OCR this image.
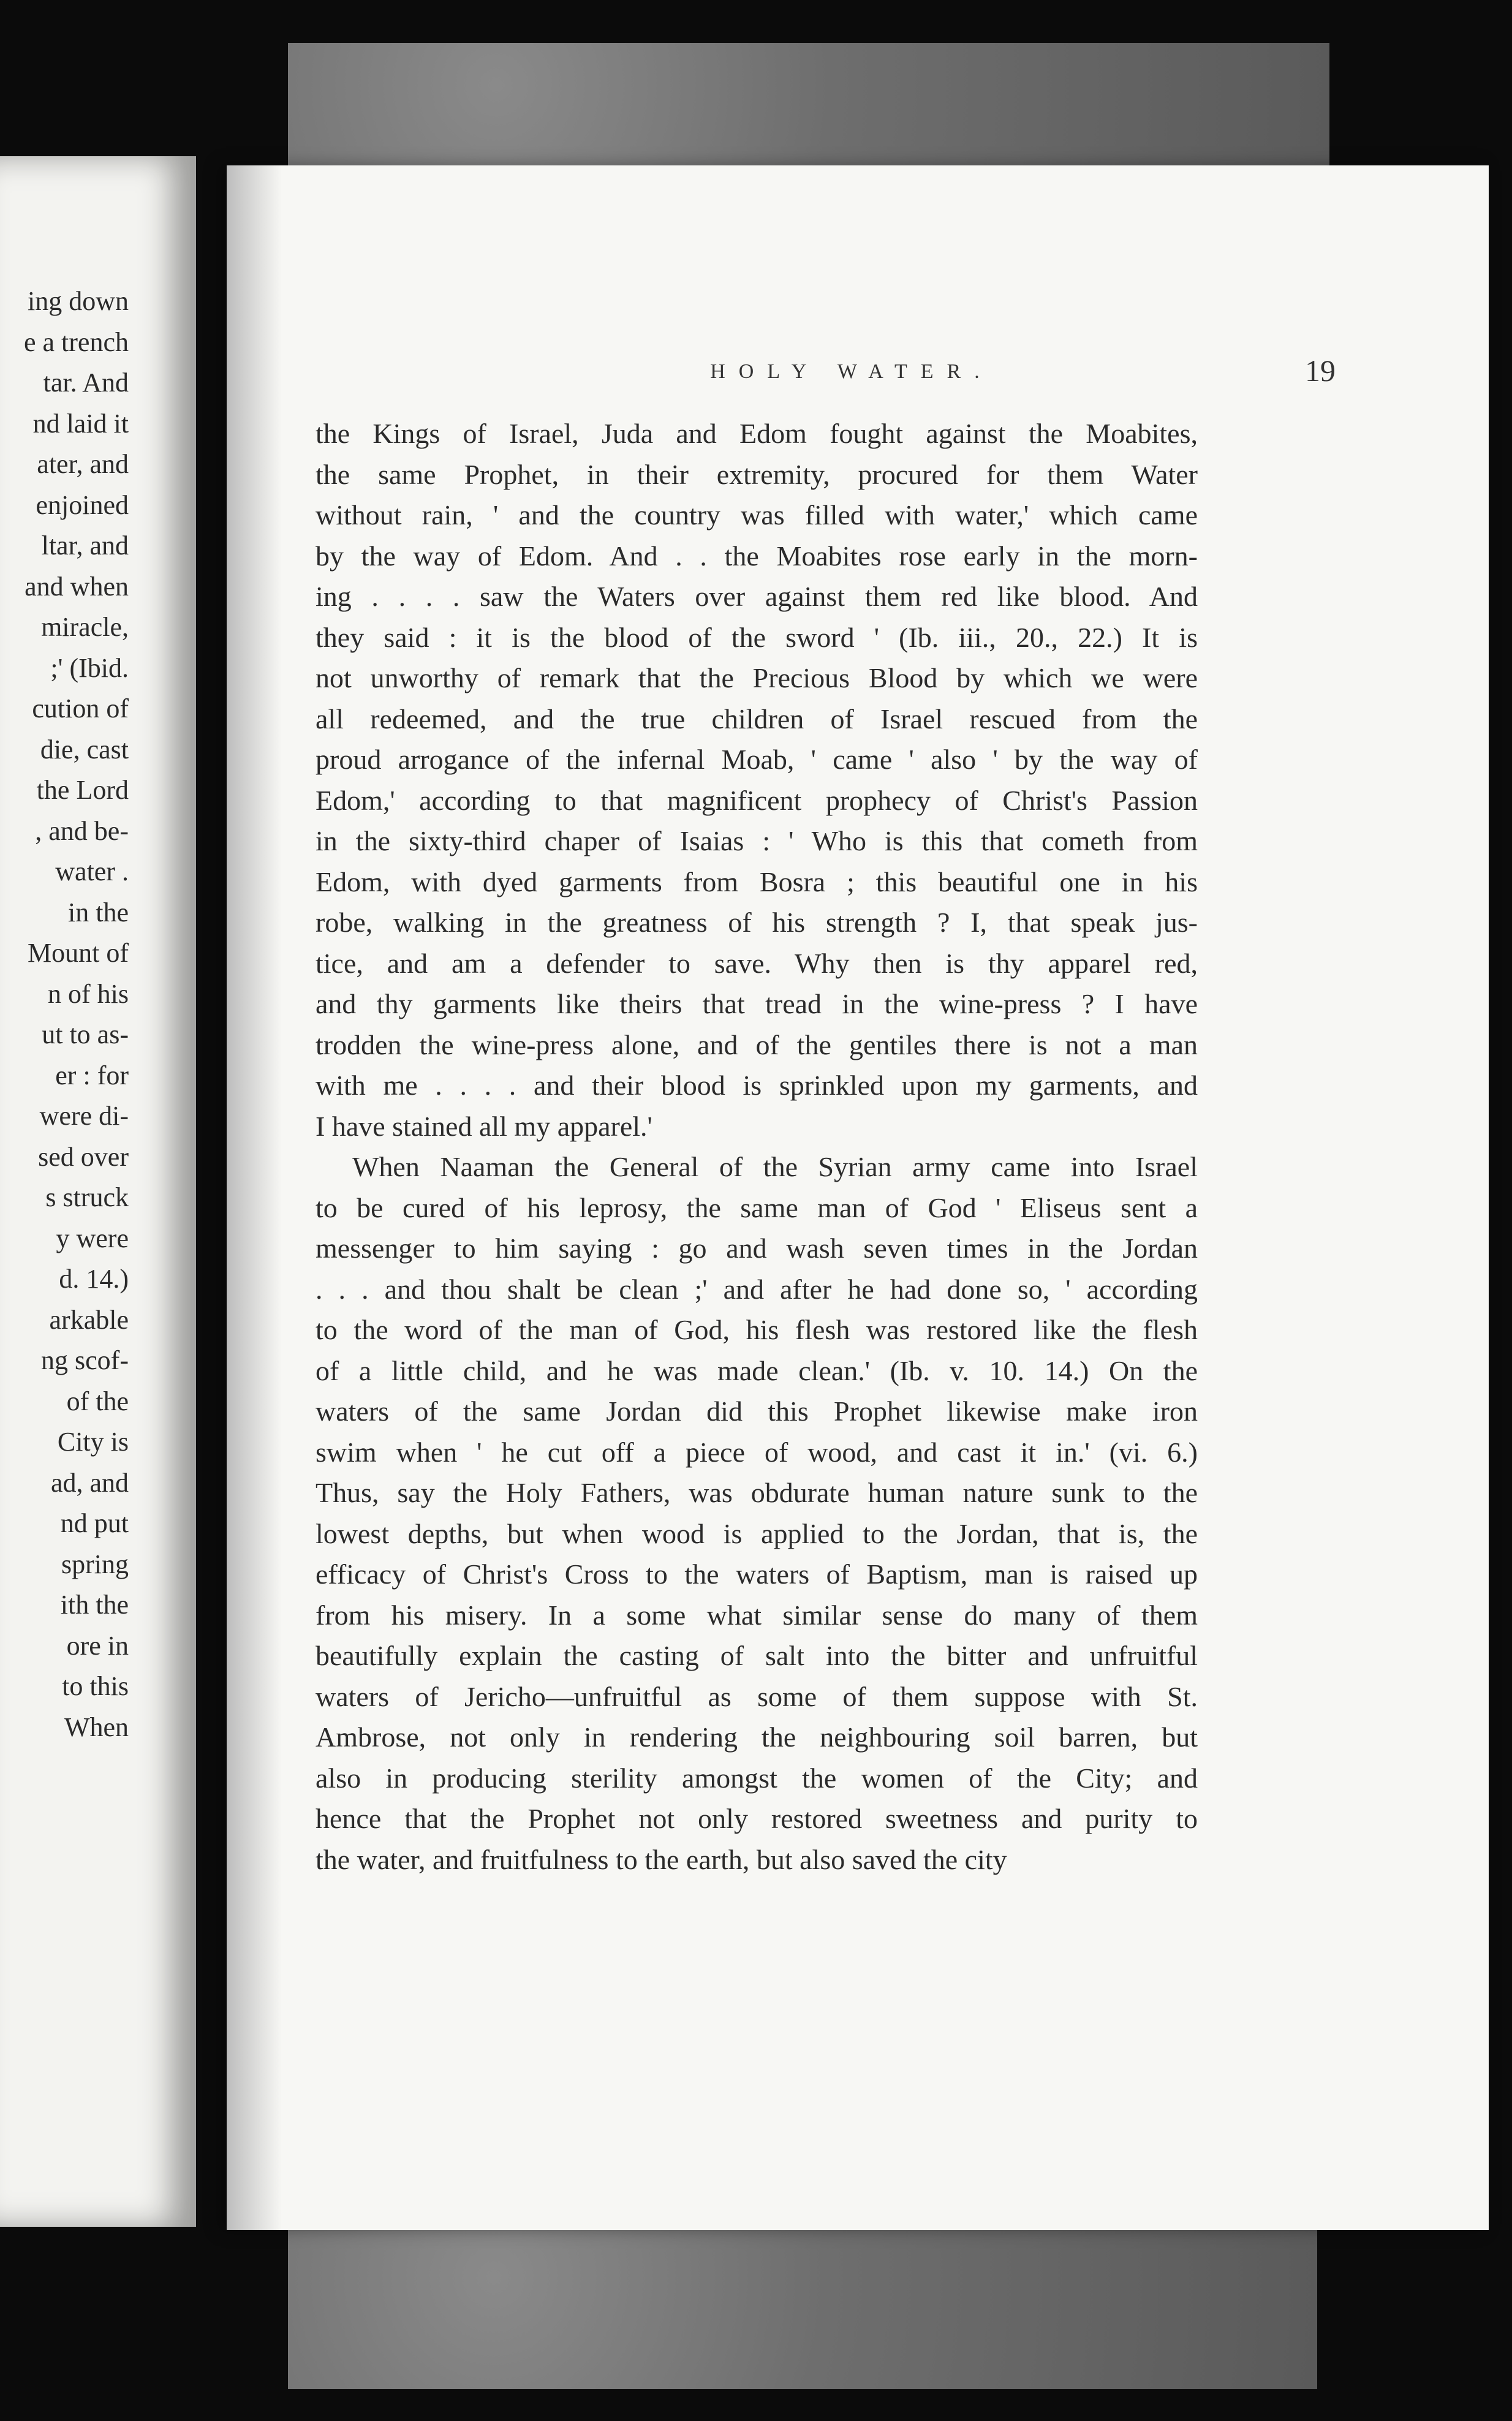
ing down
e a trench
tar. And
nd laid it
ater, and
enjoined
ltar, and
and when
miracle,
;' (Ibid.
cution of
die, cast
the Lord
, and be-
water .
in the
Mount of
n of his
ut to as-
er : for
were di-
sed over
s struck
y were
d. 14.)
arkable
ng scof-
of the
City is
ad, and
nd put
spring
ith the
ore in
to this
When
HOLY WATER.	19
the Kings of Israel, Juda and Edom fought against the Moabites,
the same Prophet, in their extremity, procured for them Water
without rain, ' and the country was filled with water,' which came
by the way of Edom. And . . the Moabites rose early in the morn-
ing . . . . saw the Waters over against them red like blood. And
they said : it is the blood of the sword ' (Ib. iii., 20., 22.) It is
not unworthy of remark that the Precious Blood by which we were
all redeemed, and the true children of Israel rescued from the
proud arrogance of the infernal Moab, ' came ' also ' by the way of
Edom,' according to that magnificent prophecy of Christ's Passion
in the sixty-third chaper of Isaias : ' Who is this that cometh from
Edom, with dyed garments from Bosra ; this beautiful one in his
robe, walking in the greatness of his strength ? I, that speak jus-
tice, and am a defender to save. Why then is thy apparel red,
and thy garments like theirs that tread in the wine-press ? I have
trodden the wine-press alone, and of the gentiles there is not a man
with me . . . . and their blood is sprinkled upon my garments, and
I have stained all my apparel.'
When Naaman the General of the Syrian army came into Israel
to be cured of his leprosy, the same man of God ' Eliseus sent a
messenger to him saying : go and wash seven times in the Jordan
. . . and thou shalt be clean ;' and after he had done so, ' according
to the word of the man of God, his flesh was restored like the flesh
of a little child, and he was made clean.' (Ib. v. 10. 14.) On the
waters of the same Jordan did this Prophet likewise make iron
swim when ' he cut off a piece of wood, and cast it in.' (vi. 6.)
Thus, say the Holy Fathers, was obdurate human nature sunk to the
lowest depths, but when wood is applied to the Jordan, that is, the
efficacy of Christ's Cross to the waters of Baptism, man is raised up
from his misery. In a some what similar sense do many of them
beautifully explain the casting of salt into the bitter and unfruitful
waters of Jericho—unfruitful as some of them suppose with St.
Ambrose, not only in rendering the neighbouring soil barren, but
also in producing sterility amongst the women of the City; and
hence that the Prophet not only restored sweetness and purity to
the water, and fruitfulness to the earth, but also saved the city
